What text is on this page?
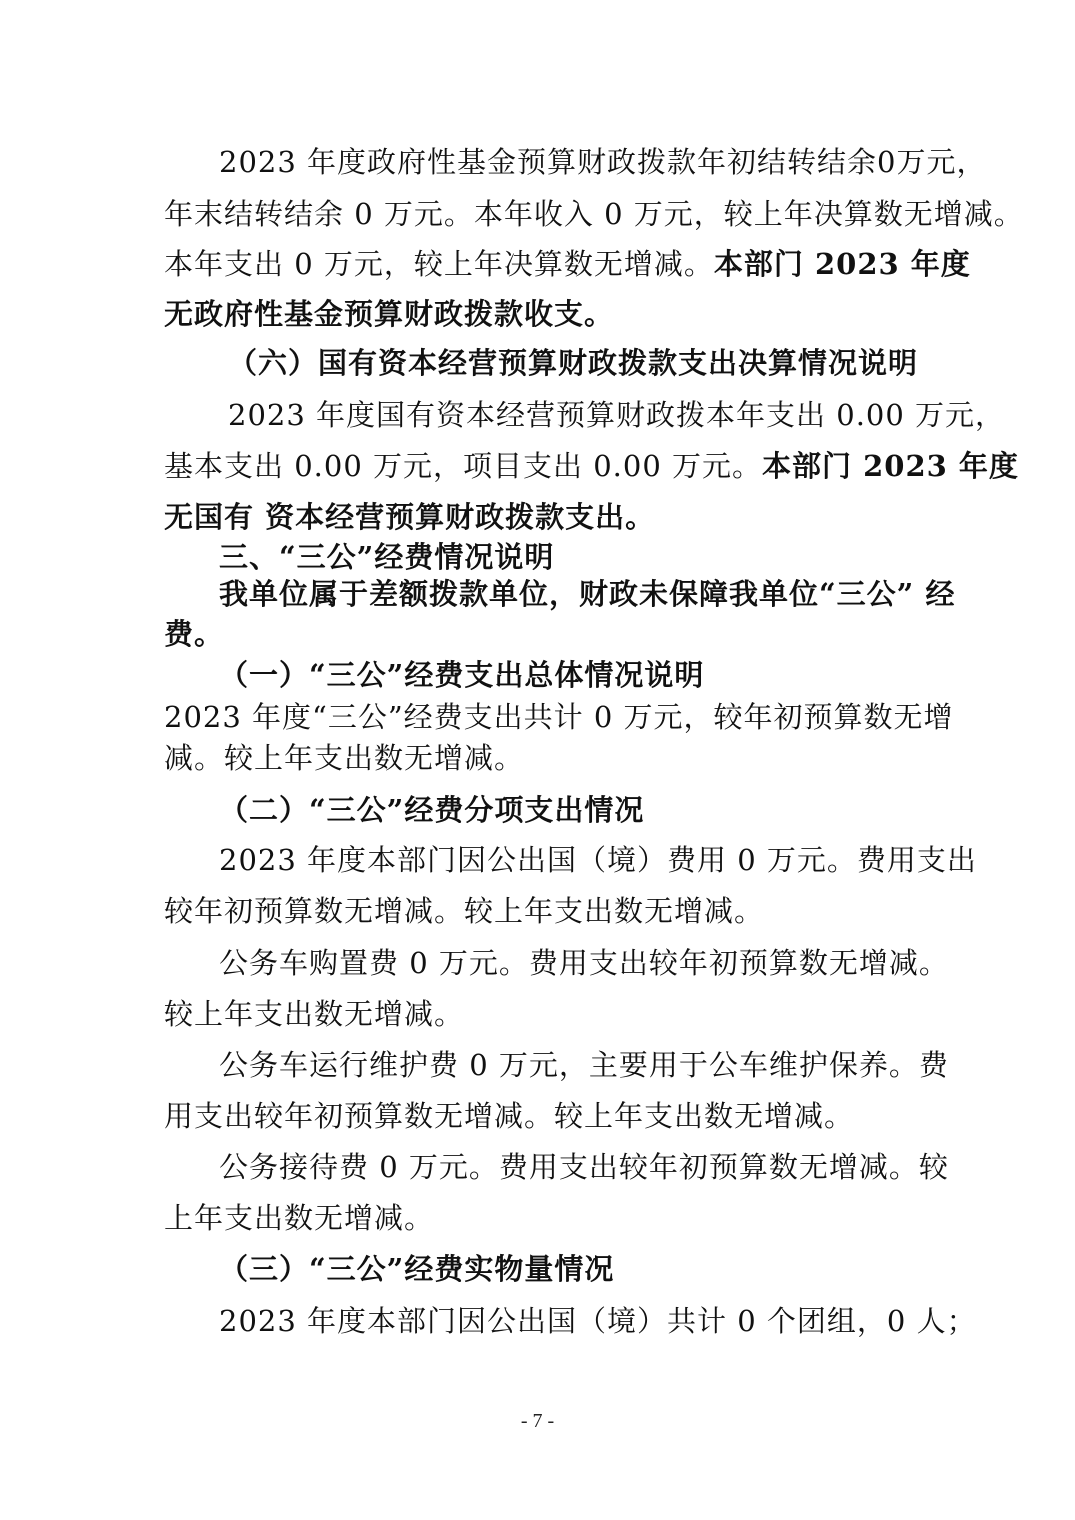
2023 年度政府性基金预算财政拨款年初结转结余0万元，
年末结转结余 0 万元。本年收入 0 万元，较上年决算数无增减。
本年支出 0 万元，较上年决算数无增减。本部门 2023 年度
无政府性基金预算财政拨款收支。
（六）国有资本经营预算财政拨款支出决算情况说明
2023 年度国有资本经营预算财政拨本年支出 0.00 万元，
基本支出 0.00 万元，项目支出 0.00 万元。本部门 2023 年度
无国有 资本经营预算财政拨款支出。
三、“三公”经费情况说明
我单位属于差额拨款单位，财政未保障我单位“三公” 经
费。
（一）“三公”经费支出总体情况说明
2023 年度“三公”经费支出共计 0 万元，较年初预算数无增
减。较上年支出数无增减。
（二）“三公”经费分项支出情况
2023 年度本部门因公出国（境）费用 0 万元。费用支出
较年初预算数无增减。较上年支出数无增减。
公务车购置费 0 万元。费用支出较年初预算数无增减。
较上年支出数无增减。
公务车运行维护费 0 万元，主要用于公车维护保养。费
用支出较年初预算数无增减。较上年支出数无增减。
公务接待费 0 万元。费用支出较年初预算数无增减。较
上年支出数无增减。
（三）“三公”经费实物量情况
2023 年度本部门因公出国（境）共计 0 个团组，0 人；
- 7 -
